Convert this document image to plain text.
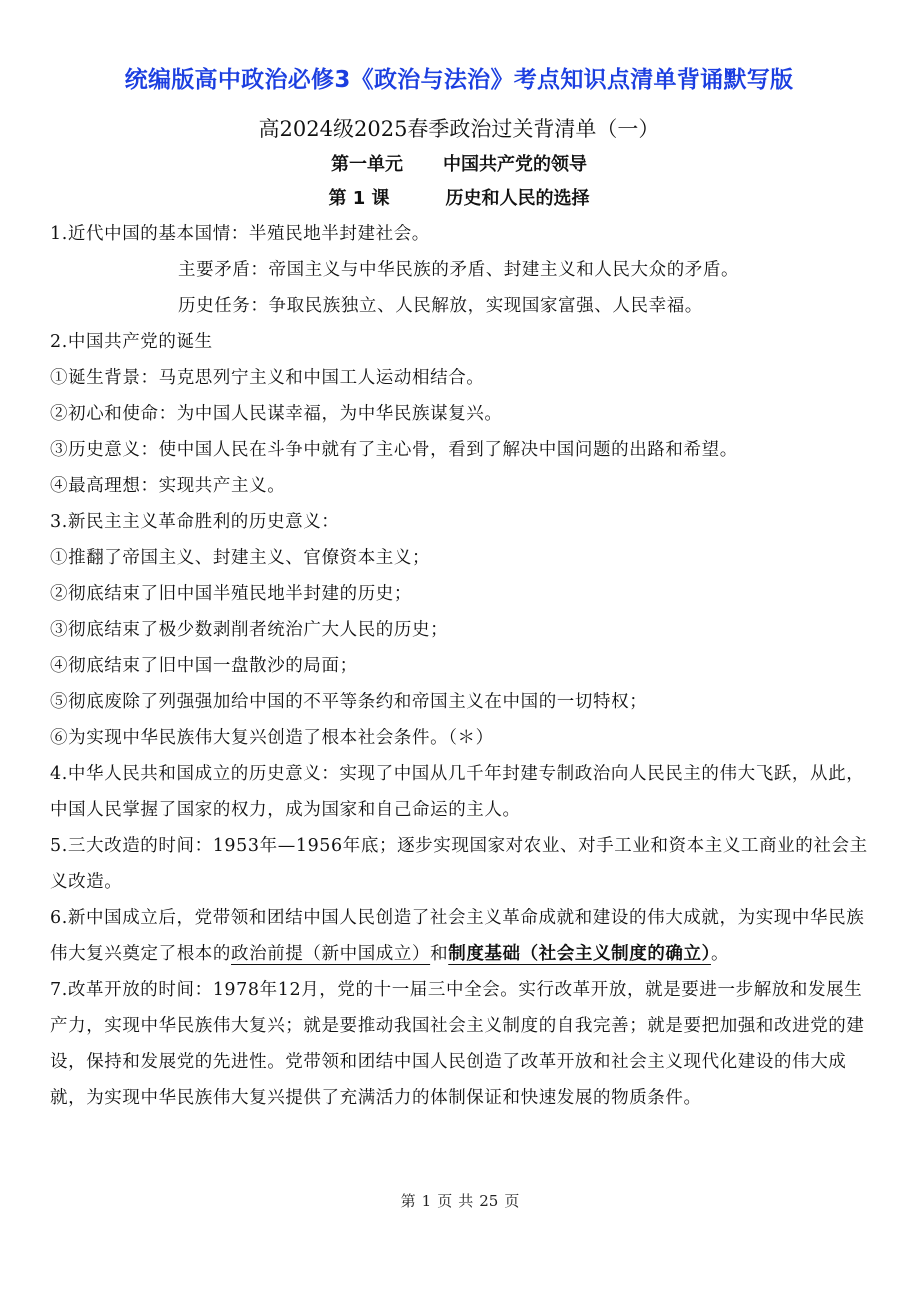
统编版高中政治必修3《政治与法治》考点知识点清单背诵默写版
高2024级2025春季政治过关背清单（一）
第一单元 中国共产党的领导
第 1 课	历史和人民的选择

1.近代中国的基本国情：半殖民地半封建社会。

主要矛盾：帝国主义与中华民族的矛盾、封建主义和人民大众的矛盾。

历史任务：争取民族独立、人民解放，实现国家富强、人民幸福。

2.中国共产党的诞生

①诞生背景：马克思列宁主义和中国工人运动相结合。

②初心和使命：为中国人民谋幸福，为中华民族谋复兴。

③历史意义：使中国人民在斗争中就有了主心骨，看到了解决中国问题的出路和希望。

④最高理想：实现共产主义。

3.新民主主义革命胜利的历史意义：

①推翻了帝国主义、封建主义、官僚资本主义；

②彻底结束了旧中国半殖民地半封建的历史；

③彻底结束了极少数剥削者统治广大人民的历史；

④彻底结束了旧中国一盘散沙的局面；

⑤彻底废除了列强强加给中国的不平等条约和帝国主义在中国的一切特权；

⑥为实现中华民族伟大复兴创造了根本社会条件。（＊）

4.中华人民共和国成立的历史意义：实现了中国从几千年封建专制政治向人民民主的伟大飞跃，从此，中国人民掌握了国家的权力，成为国家和自己命运的主人。

5.三大改造的时间：1953年—1956年底；逐步实现国家对农业、对手工业和资本主义工商业的社会主义改造。

6.新中国成立后，党带领和团结中国人民创造了社会主义革命成就和建设的伟大成就，为实现中华民族伟大复兴奠定了根本的政治前提（新中国成立）和制度基础（社会主义制度的确立）。

7.改革开放的时间：1978年12月，党的十一届三中全会。实行改革开放，就是要进一步解放和发展生产力，实现中华民族伟大复兴；就是要推动我国社会主义制度的自我完善；就是要把加强和改进党的建设，保持和发展党的先进性。党带领和团结中国人民创造了改革开放和社会主义现代化建设的伟大成就，为实现中华民族伟大复兴提供了充满活力的体制保证和快速发展的物质条件。

第 1 页 共 25 页
